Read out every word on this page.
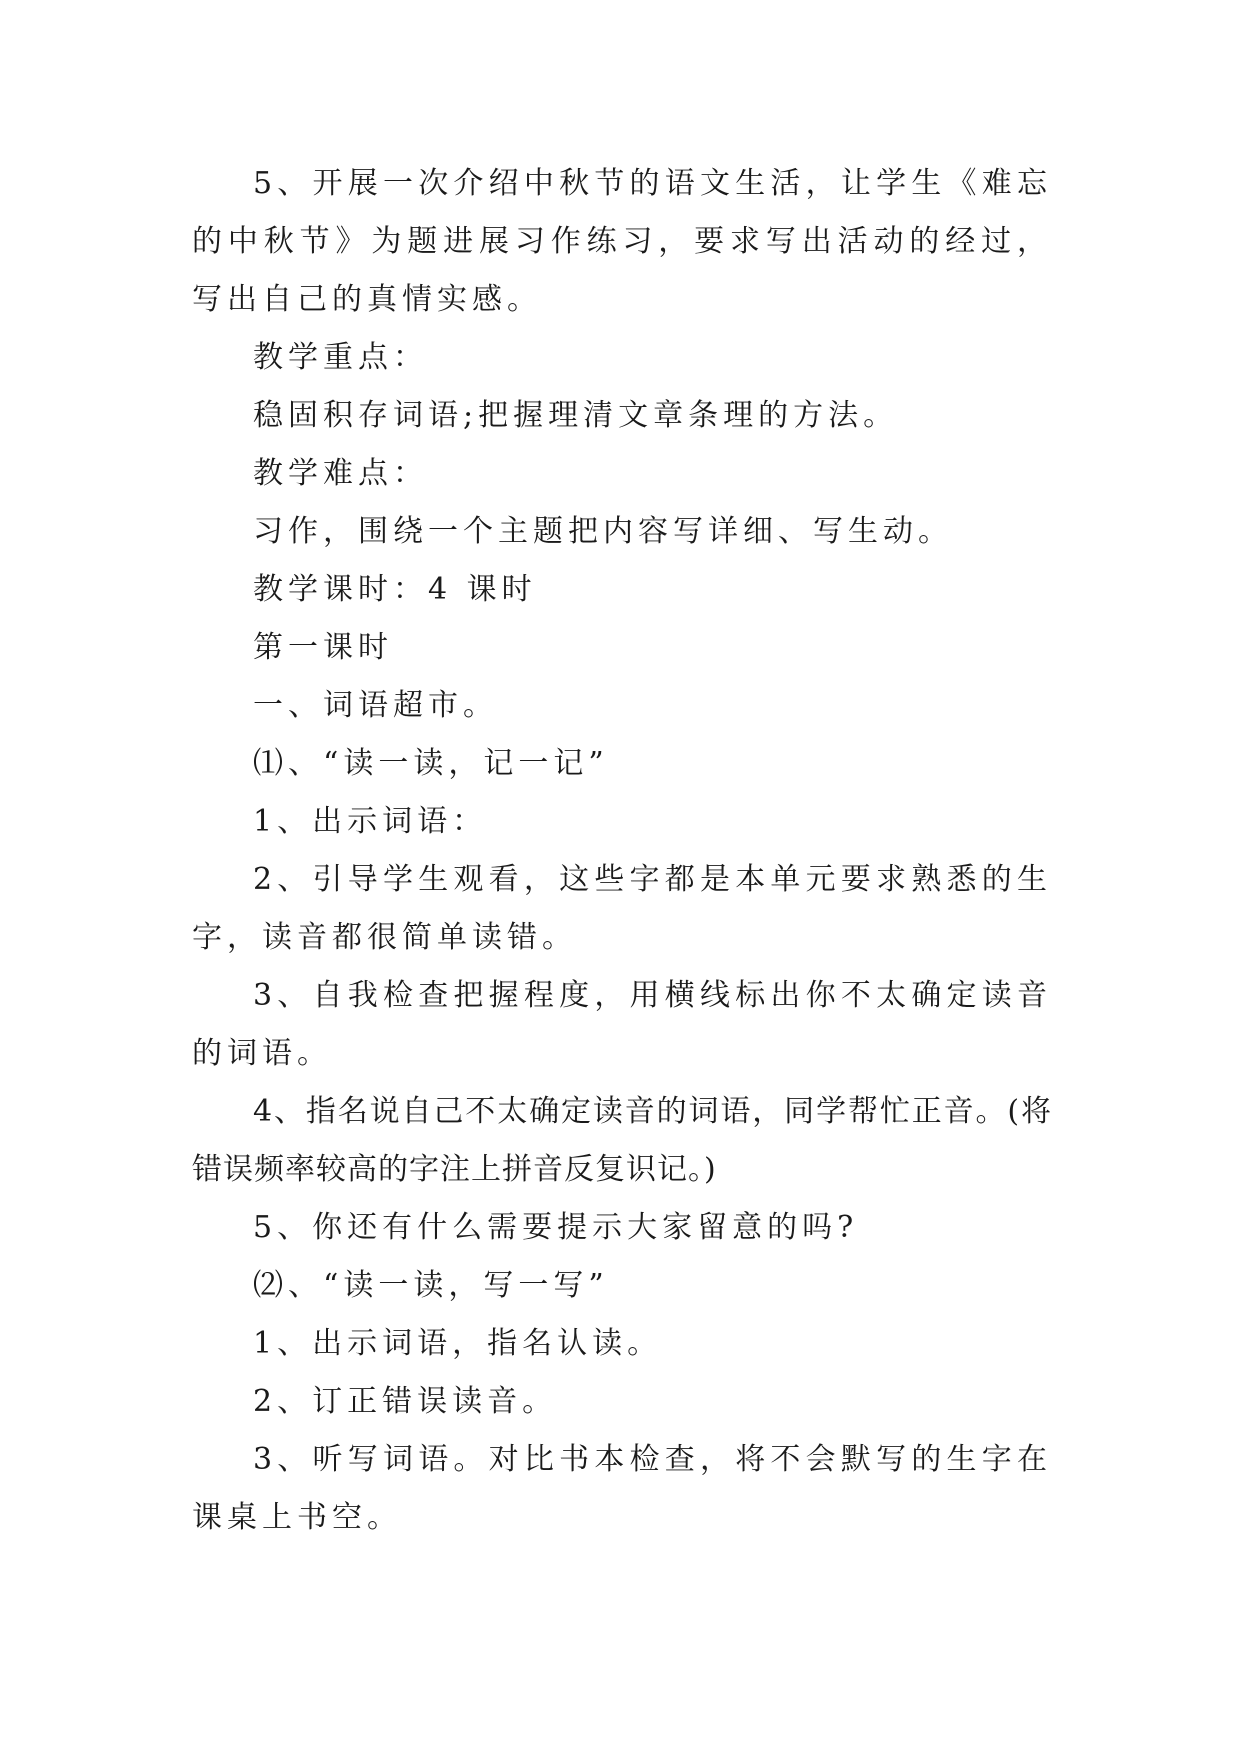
5、开展一次介绍中秋节的语文生活，让学生《难忘的中秋节》为题进展习作练习，要求写出活动的经过，写出自己的真情实感。

教学重点：

稳固积存词语;把握理清文章条理的方法。

教学难点：

习作，围绕一个主题把内容写详细、写生动。

教学课时：4 课时

第一课时

一、词语超市。

⑴、“读一读，记一记”

1、出示词语：

2、引导学生观看，这些字都是本单元要求熟悉的生字，读音都很简单读错。

3、自我检查把握程度，用横线标出你不太确定读音的词语。

4、指名说自己不太确定读音的词语，同学帮忙正音。(将错误频率较高的字注上拼音反复识记。)

5、你还有什么需要提示大家留意的吗?

⑵、“读一读，写一写”

1、出示词语，指名认读。

2、订正错误读音。

3、听写词语。对比书本检查，将不会默写的生字在课桌上书空。
